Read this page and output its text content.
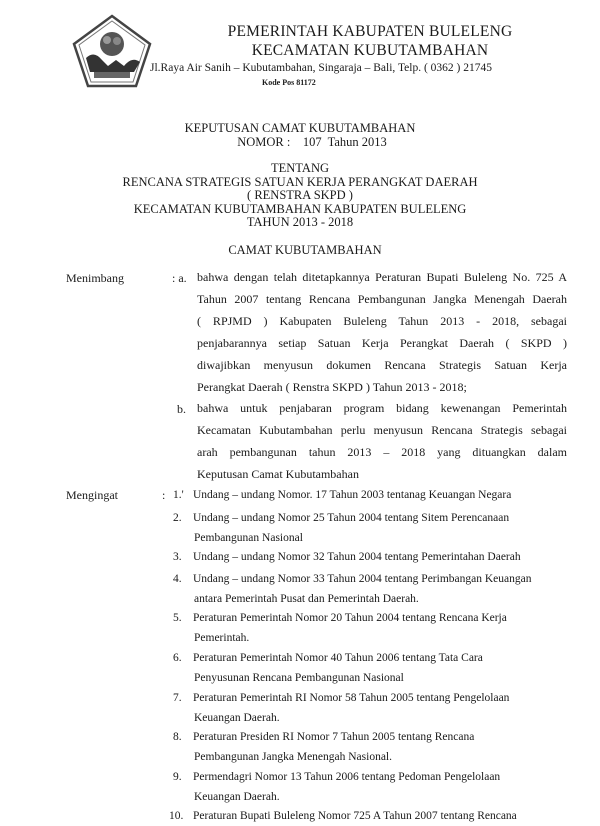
PEMERINTAH KABUPATEN BULELENG
KECAMATAN KUBUTAMBAHAN
Jl.Raya Air Sanih – Kubutambahan, Singaraja – Bali, Telp. ( 0362 ) 21745
Kode Pos 81172
KEPUTUSAN CAMAT KUBUTAMBAHAN
NOMOR :    107  Tahun 2013
TENTANG
RENCANA STRATEGIS SATUAN KERJA PERANGKAT DAERAH
( RENSTRA SKPD )
KECAMATAN KUBUTAMBAHAN KABUPATEN BULELENG
TAHUN 2013 - 2018
CAMAT KUBUTAMBAHAN
Menimbang	: a. bahwa dengan telah ditetapkannya Peraturan Bupati Buleleng No. 725 A
Tahun 2007 tentang Rencana Pembangunan Jangka Menengah Daerah
( RPJMD ) Kabupaten Buleleng Tahun 2013 - 2018, sebagai
penjabarannya setiap Satuan Kerja Perangkat Daerah ( SKPD )
diwajibkan menyusun dokumen Rencana Strategis Satuan Kerja
Perangkat Daerah ( Renstra SKPD ) Tahun 2013 - 2018;
b. bahwa untuk penjabaran program bidang kewenangan Pemerintah
Kecamatan Kubutambahan perlu menyusun Rencana Strategis sebagai
arah pembangunan tahun 2013 – 2018 yang dituangkan dalam
Keputusan Camat Kubutambahan
Mengingat	: 1.' Undang – undang Nomor. 17 Tahun 2003 tentanag Keuangan Negara
2. Undang – undang Nomor 25 Tahun 2004 tentang Sitem Perencanaan
Pembangunan Nasional
3. Undang – undang Nomor 32 Tahun 2004 tentang Pemerintahan Daerah
4. Undang – undang Nomor 33 Tahun 2004 tentang Perimbangan Keuangan
antara Pemerintah Pusat dan Pemerintah Daerah.
5. Peraturan Pemerintah Nomor 20 Tahun 2004 tentang Rencana Kerja
Pemerintah.
6. Peraturan Pemerintah Nomor 40 Tahun 2006 tentang Tata Cara
Penyusunan Rencana Pembangunan Nasional
7. Peraturan Pemerintah RI Nomor 58 Tahun 2005 tentang Pengelolaan
Keuangan Daerah.
8. Peraturan Presiden RI Nomor 7 Tahun 2005 tentang Rencana
Pembangunan Jangka Menengah Nasional.
9. Permendagri Nomor 13 Tahun 2006 tentang Pedoman Pengelolaan
Keuangan Daerah.
10. Peraturan Bupati Buleleng Nomor 725 A Tahun 2007 tentang Rencana
